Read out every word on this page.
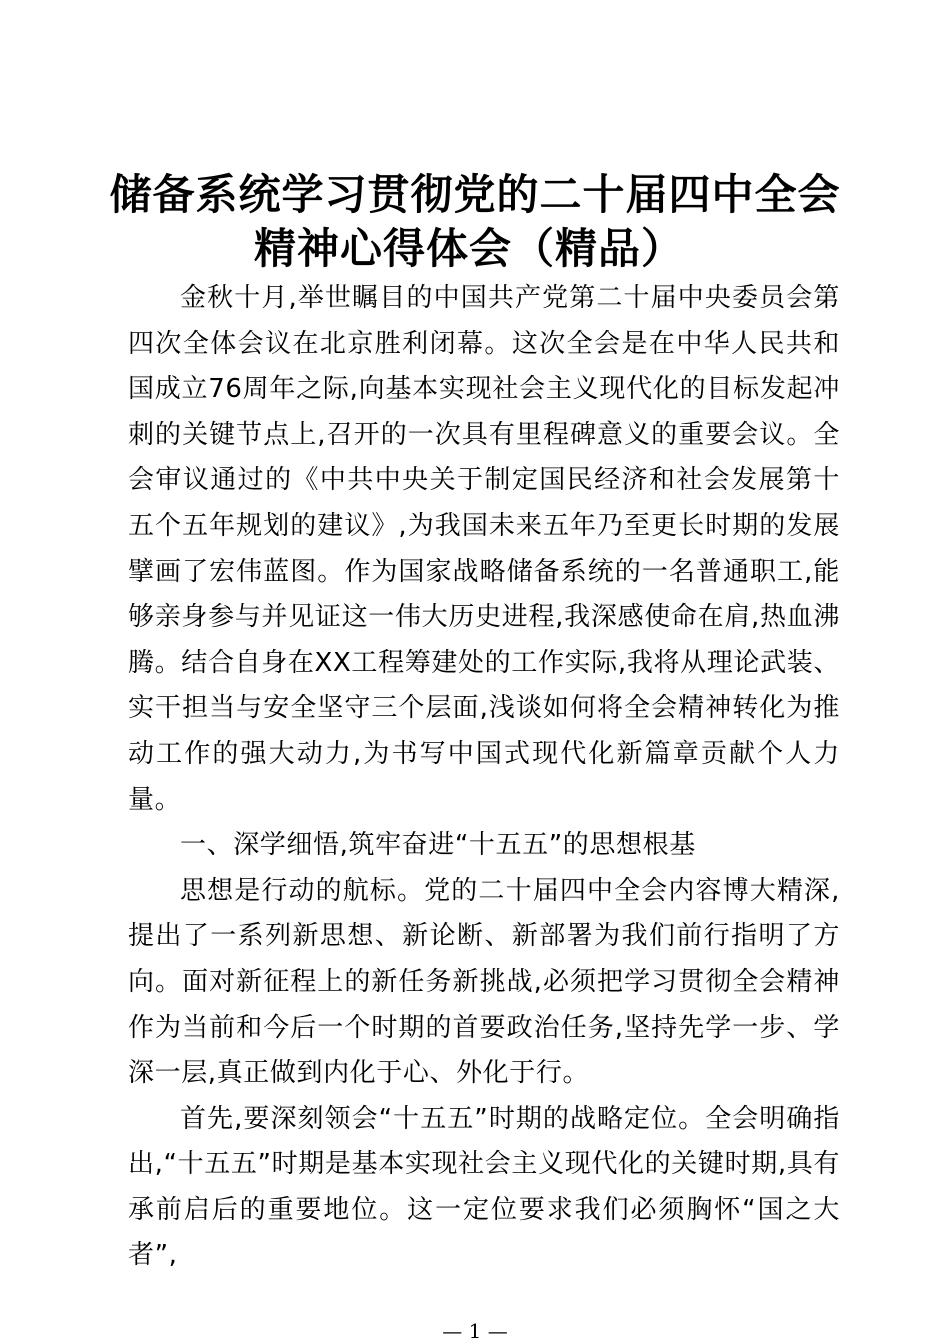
储备系统学习贯彻党的二十届四中全会
精神心得体会（精品）

金秋十月,举世瞩目的中国共产党第二十届中央委员会第四次全体会议在北京胜利闭幕。这次全会是在中华人民共和国成立76周年之际,向基本实现社会主义现代化的目标发起冲刺的关键节点上,召开的一次具有里程碑意义的重要会议。全会审议通过的《中共中央关于制定国民经济和社会发展第十五个五年规划的建议》,为我国未来五年乃至更长时期的发展擘画了宏伟蓝图。作为国家战略储备系统的一名普通职工,能够亲身参与并见证这一伟大历史进程,我深感使命在肩,热血沸腾。结合自身在XX工程筹建处的工作实际,我将从理论武装、实干担当与安全坚守三个层面,浅谈如何将全会精神转化为推动工作的强大动力,为书写中国式现代化新篇章贡献个人力量。

一、深学细悟,筑牢奋进“十五五”的思想根基

思想是行动的航标。党的二十届四中全会内容博大精深,提出了一系列新思想、新论断、新部署为我们前行指明了方向。面对新征程上的新任务新挑战,必须把学习贯彻全会精神作为当前和今后一个时期的首要政治任务,坚持先学一步、学深一层,真正做到内化于心、外化于行。

首先,要深刻领会“十五五”时期的战略定位。全会明确指出,“十五五”时期是基本实现社会主义现代化的关键时期,具有承前启后的重要地位。这一定位要求我们必须胸怀“国之大者”,

— 1 —
